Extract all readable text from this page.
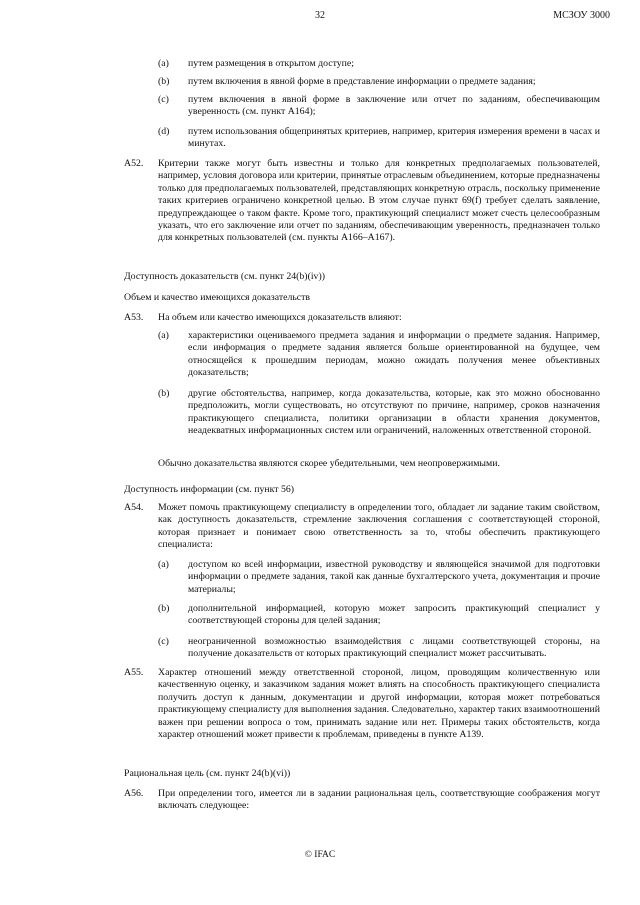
32	МСЗОУ 3000
(a)	путем размещения в открытом доступе;
(b)	путем включения в явной форме в представление информации о предмете задания;
(c)	путем включения в явной форме в заключение или отчет по заданиям, обеспечивающим уверенность (см. пункт А164);
(d)	путем использования общепринятых критериев, например, критерия измерения времени в часах и минутах.
А52.	Критерии также могут быть известны и только для конкретных предполагаемых пользователей, например, условия договора или критерии, принятые отраслевым объединением, которые предназначены только для предполагаемых пользователей, представляющих конкретную отрасль, поскольку применение таких критериев ограничено конкретной целью. В этом случае пункт 69(f) требует сделать заявление, предупреждающее о таком факте. Кроме того, практикующий специалист может счесть целесообразным указать, что его заключение или отчет по заданиям, обеспечивающим уверенность, предназначен только для конкретных пользователей (см. пункты А166–А167).
Доступность доказательств (см. пункт 24(b)(iv))
Объем и качество имеющихся доказательств
А53.	На объем или качество имеющихся доказательств влияют:
(a)	характеристики оцениваемого предмета задания и информации о предмете задания. Например, если информация о предмете задания является больше ориентированной на будущее, чем относящейся к прошедшим периодам, можно ожидать получения менее объективных доказательств;
(b)	другие обстоятельства, например, когда доказательства, которые, как это можно обоснованно предположить, могли существовать, но отсутствуют по причине, например, сроков назначения практикующего специалиста, политики организации в области хранения документов, неадекватных информационных систем или ограничений, наложенных ответственной стороной.
Обычно доказательства являются скорее убедительными, чем неопровержимыми.
Доступность информации (см. пункт 56)
А54.	Может помочь практикующему специалисту в определении того, обладает ли задание таким свойством, как доступность доказательств, стремление заключения соглашения с соответствующей стороной, которая признает и понимает свою ответственность за то, чтобы обеспечить практикующего специалиста:
(a)	доступом ко всей информации, известной руководству и являющейся значимой для подготовки информации о предмете задания, такой как данные бухгалтерского учета, документация и прочие материалы;
(b)	дополнительной информацией, которую может запросить практикующий специалист у соответствующей стороны для целей задания;
(c)	неограниченной возможностью взаимодействия с лицами соответствующей стороны, на получение доказательств от которых практикующий специалист может рассчитывать.
А55.	Характер отношений между ответственной стороной, лицом, проводящим количественную или качественную оценку, и заказчиком задания может влиять на способность практикующего специалиста получить доступ к данным, документации и другой информации, которая может потребоваться практикующему специалисту для выполнения задания. Следовательно, характер таких взаимоотношений важен при решении вопроса о том, принимать задание или нет. Примеры таких обстоятельств, когда характер отношений может привести к проблемам, приведены в пункте А139.
Рациональная цель (см. пункт 24(b)(vi))
А56.	При определении того, имеется ли в задании рациональная цель, соответствующие соображения могут включать следующее:
© IFAC
